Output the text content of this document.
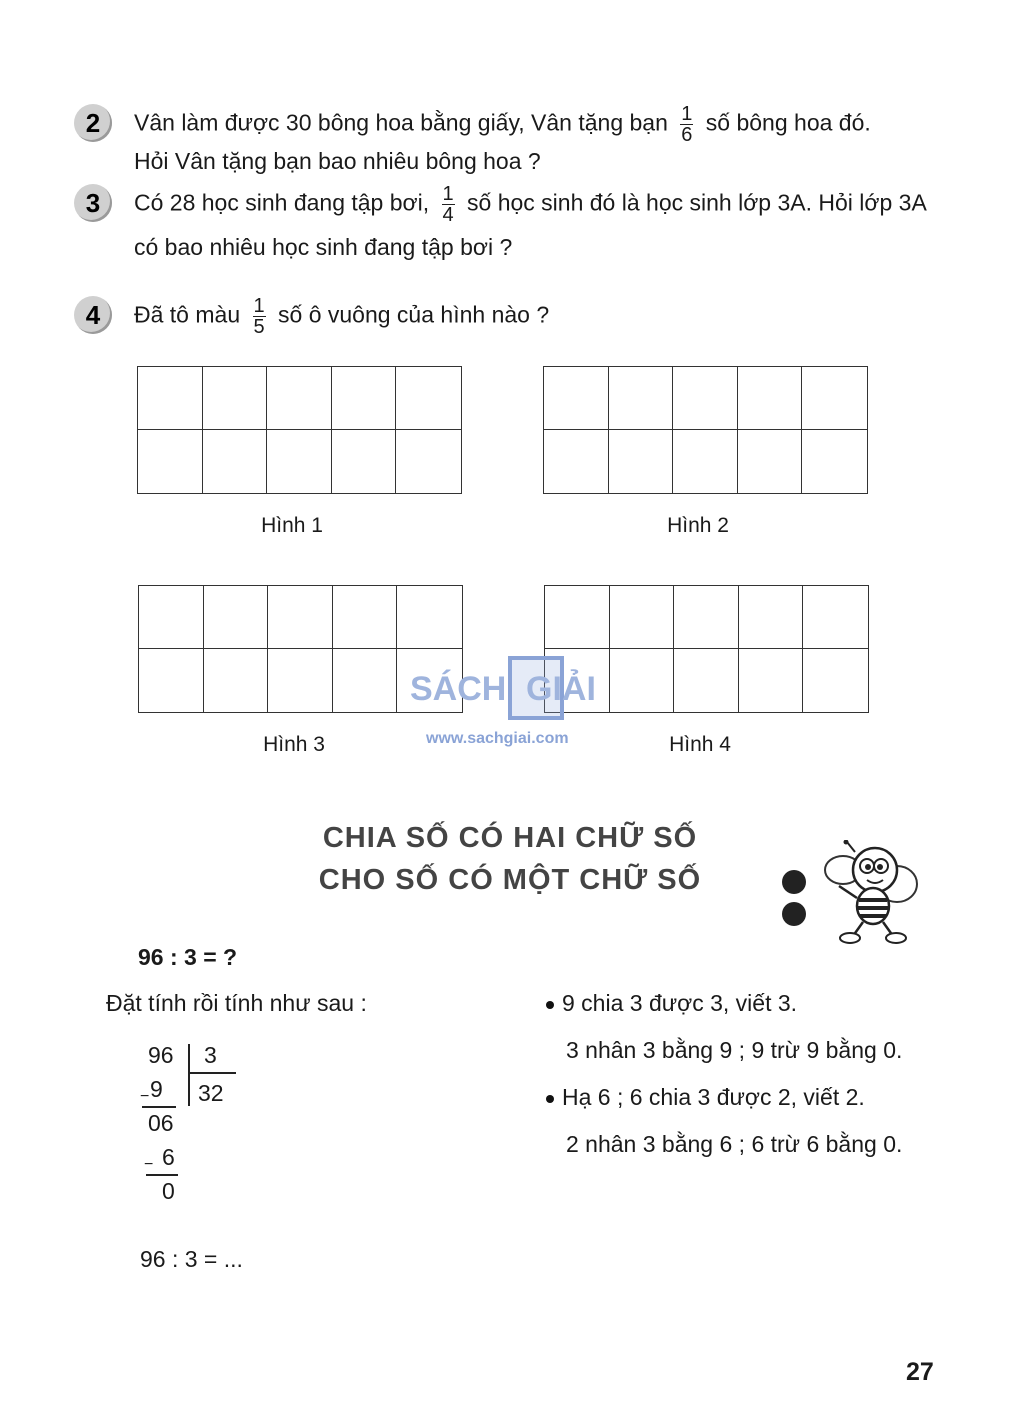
2	Vân làm được 30 bông hoa bằng giấy, Vân tặng bạn $\frac{1}{6}$ số bông hoa đó.
Hỏi Vân tặng bạn bao nhiêu bông hoa ?
3	Có 28 học sinh đang tập bơi, $\frac{1}{4}$ số học sinh đó là học sinh lớp 3A. Hỏi lớp 3A
có bao nhiêu học sinh đang tập bơi ?
4	Đã tô màu $\frac{1}{5}$ số ô vuông của hình nào ?
Hình 1	Hình 2
Hình 3	Hình 4
SÁCH GIẢI
www.sachgiai.com
CHIA SỐ CÓ HAI CHỮ SỐ
CHO SỐ CÓ MỘT CHỮ SỐ
96 : 3 = ?
Đặt tính rồi tính như sau :
96 3
32
9
06
6
0
−
−
9 chia 3 được 3, viết 3.
3 nhân 3 bằng 9 ; 9 trừ 9 bằng 0.
Hạ 6 ; 6 chia 3 được 2, viết 2.
2 nhân 3 bằng 6 ; 6 trừ 6 bằng 0.
96 : 3 = ...
27
